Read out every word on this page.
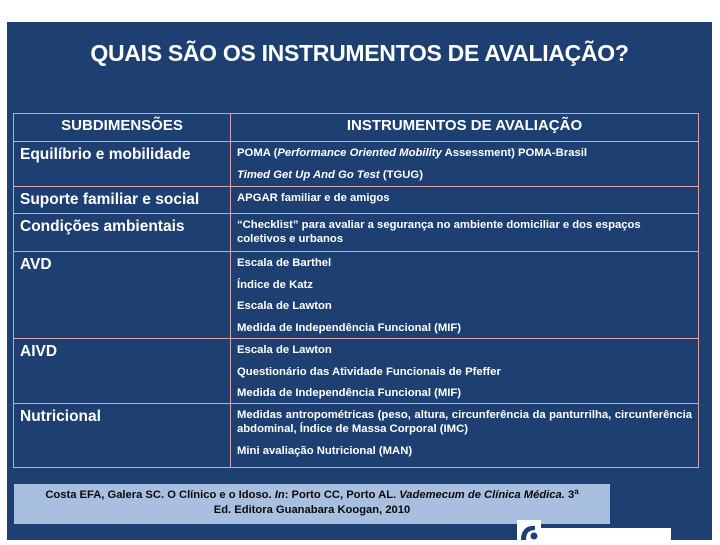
QUAIS SÃO OS INSTRUMENTOS DE AVALIAÇÃO?
SUBDIMENSÕES	INSTRUMENTOS DE AVALIAÇÃO
Equilíbrio e mobilidade	POMA (Performance Oriented Mobility Assessment) POMA-Brasil
Timed Get Up And Go Test (TGUG)

Suporte familiar e social	APGAR familiar e de amigos

Condições ambientais	“Checklist” para avaliar a segurança no ambiente domiciliar e dos espaços coletivos e urbanos

AVD	Escala de Barthel
Índice de Katz
Escala de Lawton
Medida de Independência Funcional (MIF)

AIVD	Escala de Lawton
Questionário das Atividade Funcionais de Pfeffer
Medida de Independência Funcional (MIF)

Nutricional	Medidas antropométricas (peso, altura, circunferência da panturrilha, circunferência abdominal, Índice de Massa Corporal (IMC)
Mini avaliação Nutricional (MAN)
Costa EFA, Galera SC. O Clínico e o Idoso. In: Porto CC, Porto AL. Vademecum de Clínica Médica. 3$^a$
Ed. Editora Guanabara Koogan, 2010
